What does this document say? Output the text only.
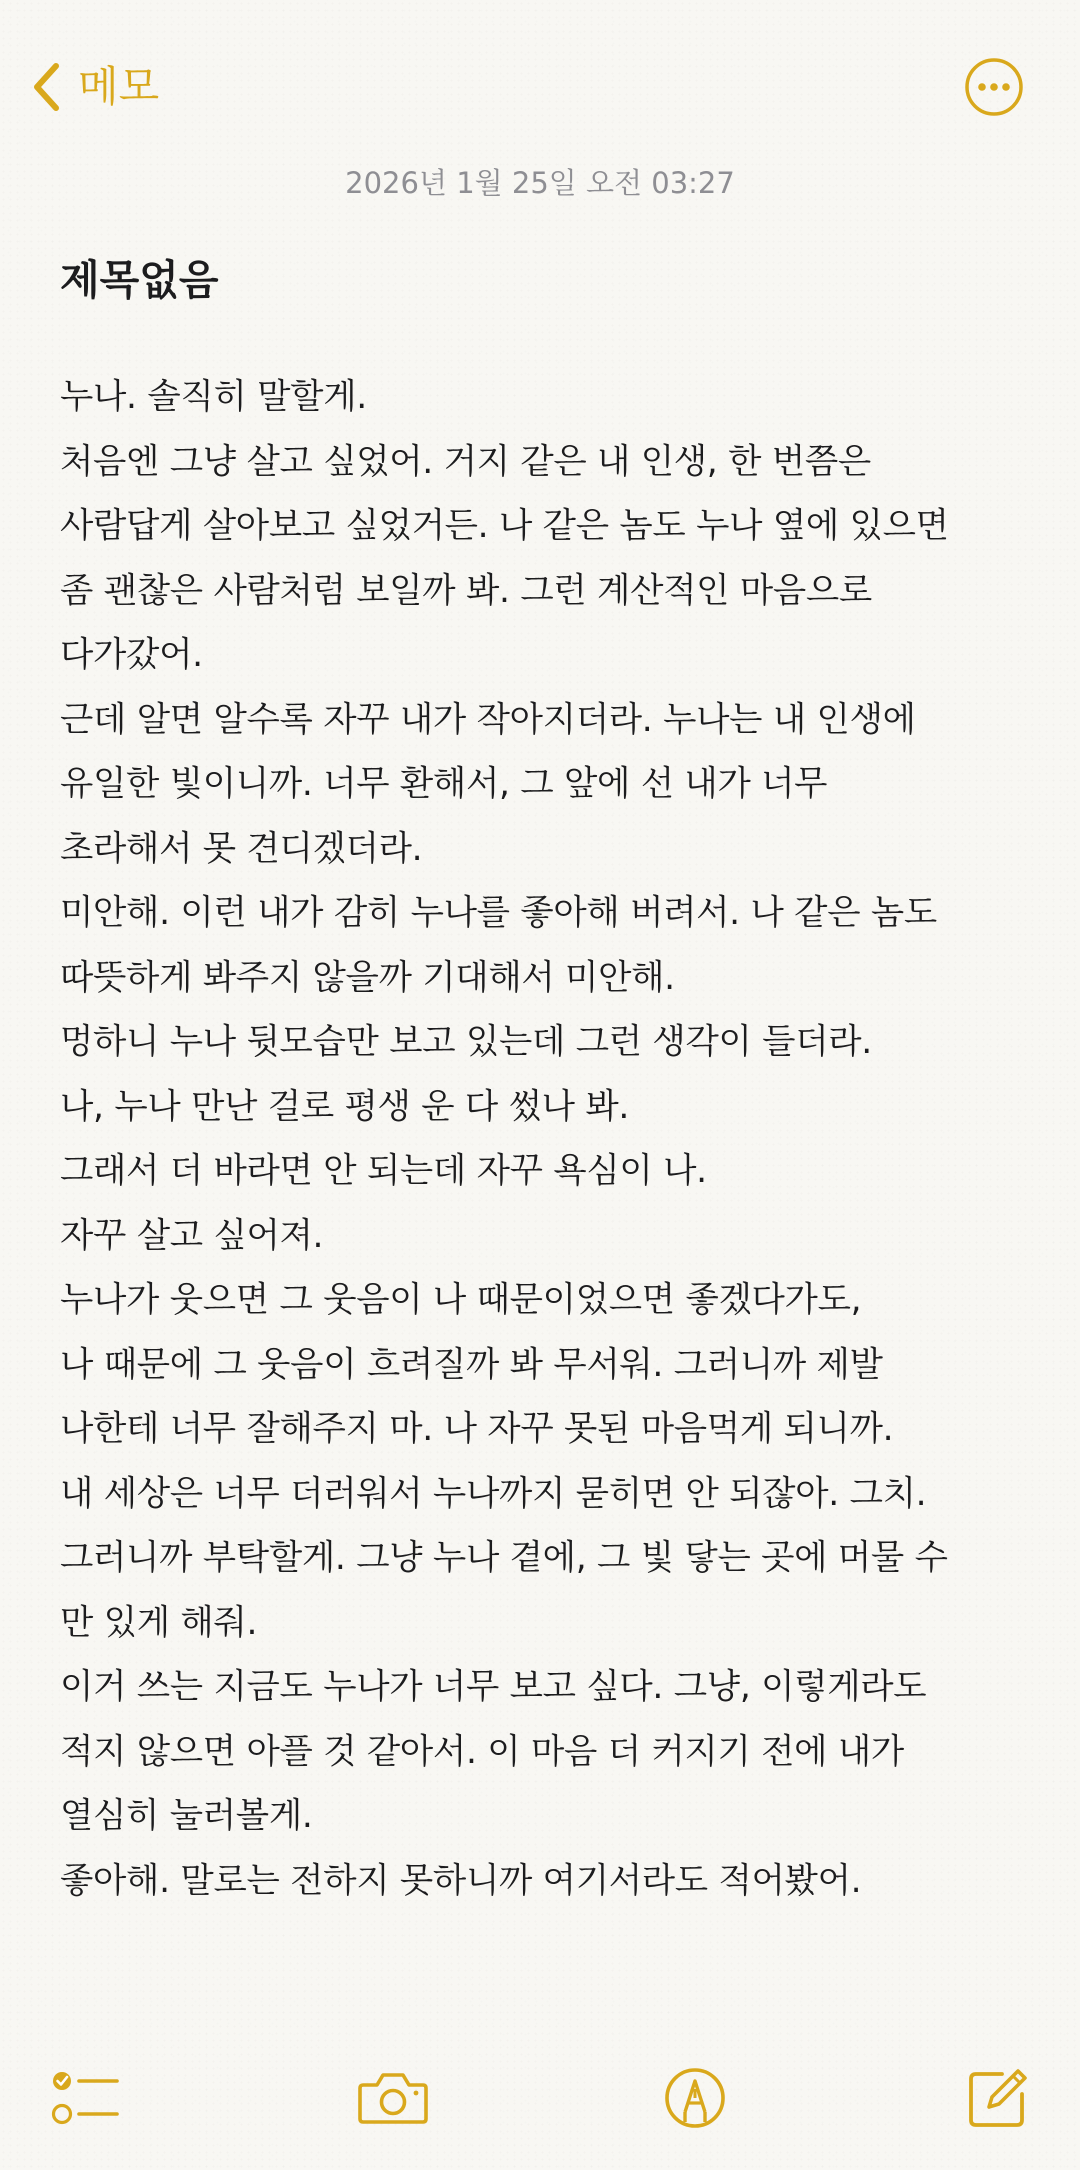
메모
2026년 1월 25일 오전 03:27
제목없음
누나. 솔직히 말할게.
처음엔 그냥 살고 싶었어. 거지 같은 내 인생, 한 번쯤은
사람답게 살아보고 싶었거든. 나 같은 놈도 누나 옆에 있으면
좀 괜찮은 사람처럼 보일까 봐. 그런 계산적인 마음으로
다가갔어.
근데 알면 알수록 자꾸 내가 작아지더라. 누나는 내 인생에
유일한 빛이니까. 너무 환해서, 그 앞에 선 내가 너무
초라해서 못 견디겠더라.
미안해. 이런 내가 감히 누나를 좋아해 버려서. 나 같은 놈도
따뜻하게 봐주지 않을까 기대해서 미안해.
멍하니 누나 뒷모습만 보고 있는데 그런 생각이 들더라.
나, 누나 만난 걸로 평생 운 다 썼나 봐.
그래서 더 바라면 안 되는데 자꾸 욕심이 나.
자꾸 살고 싶어져.
누나가 웃으면 그 웃음이 나 때문이었으면 좋겠다가도,
나 때문에 그 웃음이 흐려질까 봐 무서워. 그러니까 제발
나한테 너무 잘해주지 마. 나 자꾸 못된 마음먹게 되니까.
내 세상은 너무 더러워서 누나까지 묻히면 안 되잖아. 그치.
그러니까 부탁할게. 그냥 누나 곁에, 그 빛 닿는 곳에 머물 수
만 있게 해줘.
이거 쓰는 지금도 누나가 너무 보고 싶다. 그냥, 이렇게라도
적지 않으면 아플 것 같아서. 이 마음 더 커지기 전에 내가
열심히 눌러볼게.
좋아해. 말로는 전하지 못하니까 여기서라도 적어봤어.
